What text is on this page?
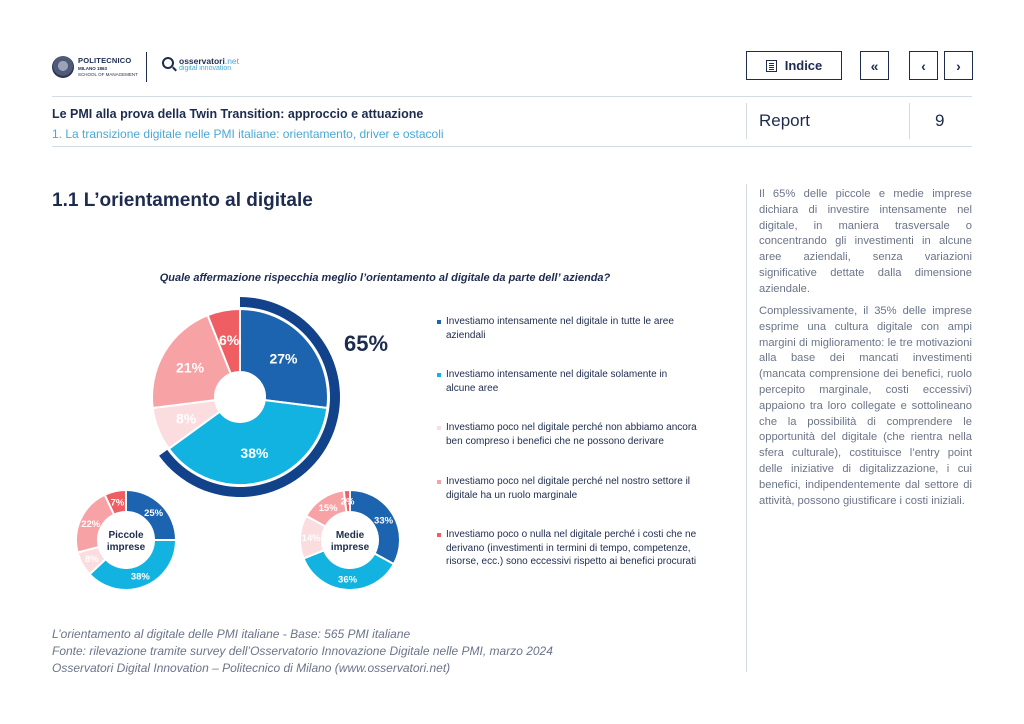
POLITECNICO
MILANO 1863
SCHOOL OF MANAGEMENT
osservatori.net
digital innovation	Indice	«	‹	›
Le PMI alla prova della Twin Transition: approccio e attuazione
1. La transizione digitale nelle PMI italiane: orientamento, driver e ostacoli
Report	9
1.1 L’orientamento al digitale
Quale affermazione rispecchia meglio l’orientamento al digitale da parte dell’ azienda?
27%
38%
8%
21%
6%	65%
25%
38%
8%
22%
7%
Piccole
imprese
33%
36%
14%
15%
2%
Medie
imprese
Investiamo intensamente nel digitale in tutte le aree aziendali
Investiamo intensamente nel digitale solamente in alcune aree
Investiamo poco nel digitale perché non abbiamo ancora ben compreso i benefici che ne possono derivare
Investiamo poco nel digitale perché nel nostro settore il digitale ha un ruolo marginale
Investiamo poco o nulla nel digitale perché i costi che ne derivano (investimenti in termini di tempo, competenze, risorse, ecc.) sono eccessivi rispetto ai benefici procurati
L’orientamento al digitale delle PMI italiane - Base: 565 PMI italiane
Fonte: rilevazione tramite survey dell’Osservatorio Innovazione Digitale nelle PMI, marzo 2024
Osservatori Digital Innovation – Politecnico di Milano (www.osservatori.net)
Il 65% delle piccole e medie imprese dichiara di investire intensamente nel digitale, in maniera trasversale o concentrando gli investimenti in alcune aree aziendali, senza variazioni significative dettate dalla dimensione aziendale.
Complessivamente, il 35% delle imprese esprime una cultura digitale con ampi margini di miglioramento: le tre motivazioni alla base dei mancati investimenti (mancata comprensione dei benefici, ruolo percepito marginale, costi eccessivi) appaiono tra loro collegate e sottolineano che la possibilità di comprendere le opportunità del digitale (che rientra nella sfera culturale), costituisce l’entry point delle iniziative di digitalizzazione, i cui benefici, indipendentemente dal settore di attività, possono giustificare i costi iniziali.
